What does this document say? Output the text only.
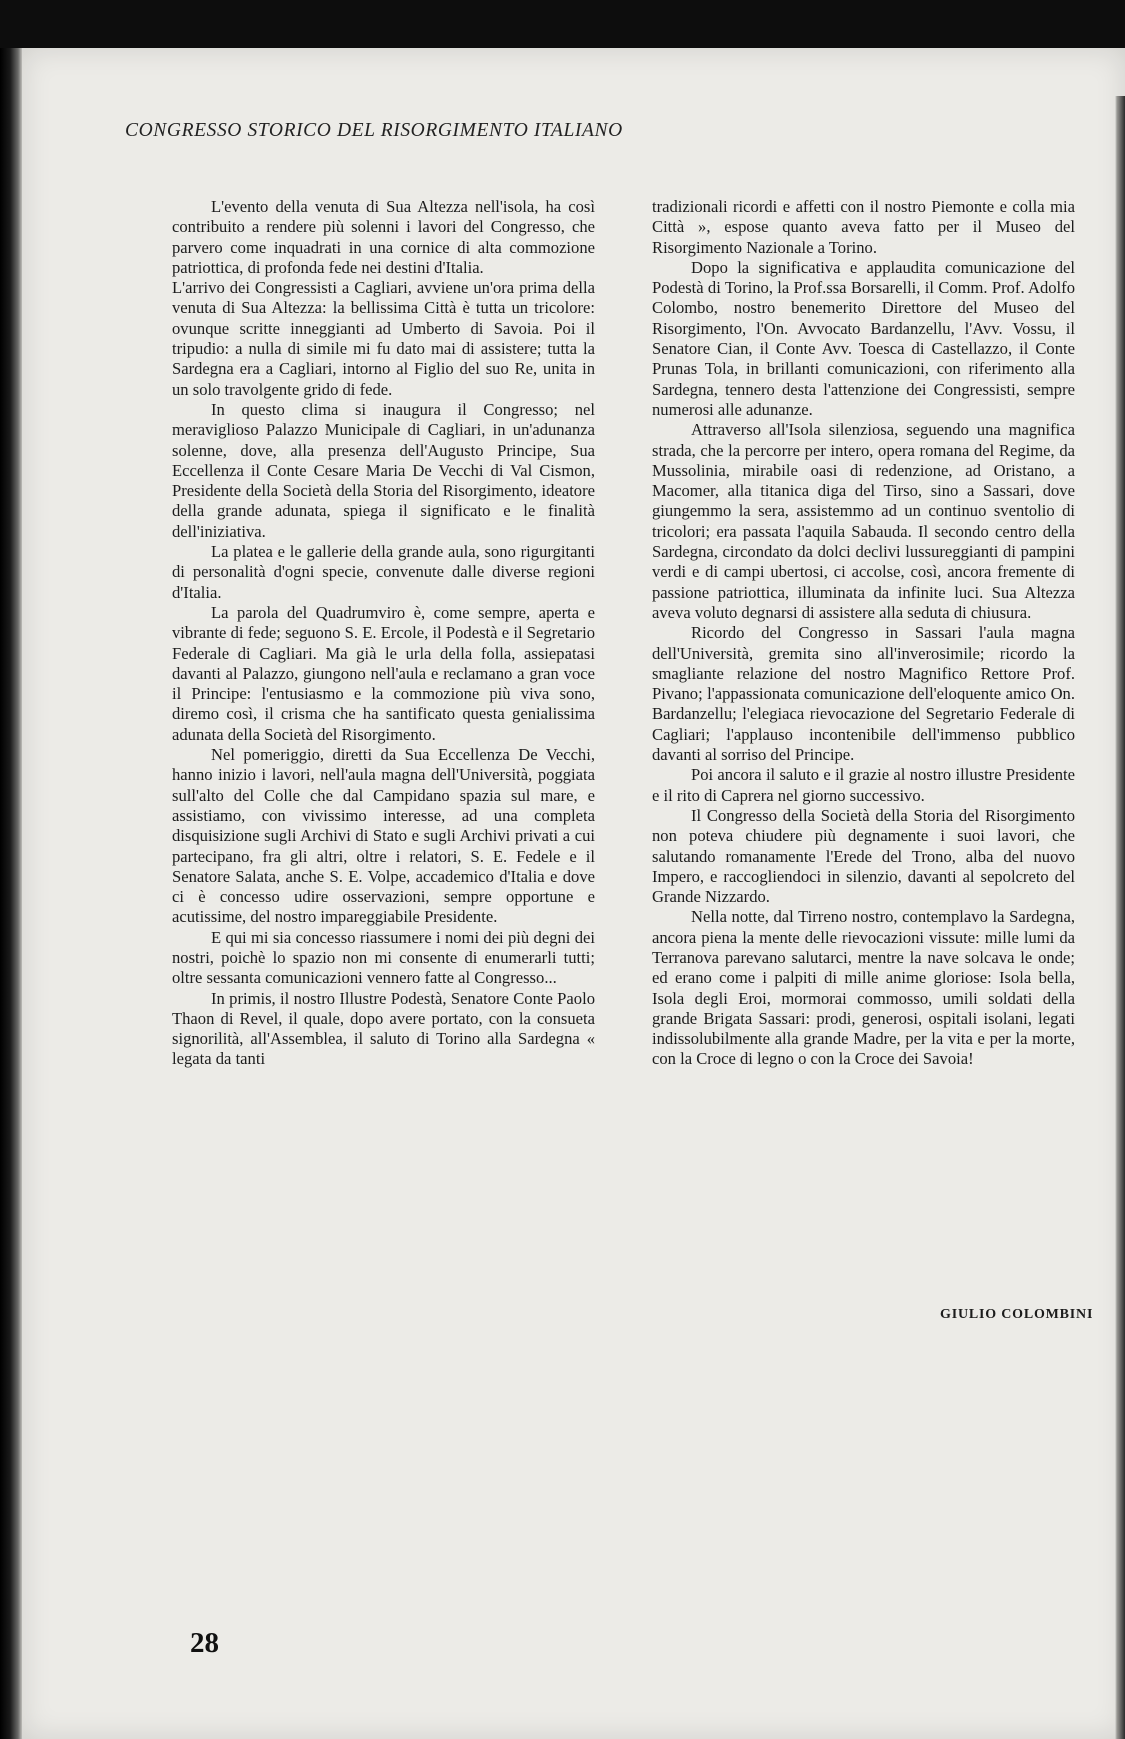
CONGRESSO STORICO DEL RISORGIMENTO ITALIANO

L'evento della venuta di Sua Altezza nell'isola, ha così contribuito a rendere più solenni i lavori del Congresso, che parvero come inquadrati in una cornice di alta commozione patriottica, di profonda fede nei destini d'Italia.

L'arrivo dei Congressisti a Cagliari, avviene un'ora prima della venuta di Sua Altezza: la bellissima Città è tutta un tricolore: ovunque scritte inneggianti ad Umberto di Savoia. Poi il tripudio: a nulla di simile mi fu dato mai di assistere; tutta la Sardegna era a Cagliari, intorno al Figlio del suo Re, unita in un solo travolgente grido di fede.

In questo clima si inaugura il Congresso; nel meraviglioso Palazzo Municipale di Cagliari, in un'adunanza solenne, dove, alla presenza dell'Augusto Principe, Sua Eccellenza il Conte Cesare Maria De Vecchi di Val Cismon, Presidente della Società della Storia del Risorgimento, ideatore della grande adunata, spiega il significato e le finalità dell'iniziativa.

La platea e le gallerie della grande aula, sono rigurgitanti di personalità d'ogni specie, convenute dalle diverse regioni d'Italia.

La parola del Quadrumviro è, come sempre, aperta e vibrante di fede; seguono S. E. Ercole, il Podestà e il Segretario Federale di Cagliari. Ma già le urla della folla, assiepatasi davanti al Palazzo, giungono nell'aula e reclamano a gran voce il Principe: l'entusiasmo e la commozione più viva sono, diremo così, il crisma che ha santificato questa genialissima adunata della Società del Risorgimento.

Nel pomeriggio, diretti da Sua Eccellenza De Vecchi, hanno inizio i lavori, nell'aula magna dell'Università, poggiata sull'alto del Colle che dal Campidano spazia sul mare, e assistiamo, con vivissimo interesse, ad una completa disquisizione sugli Archivi di Stato e sugli Archivi privati a cui partecipano, fra gli altri, oltre i relatori, S. E. Fedele e il Senatore Salata, anche S. E. Volpe, accademico d'Italia e dove ci è concesso udire osservazioni, sempre opportune e acutissime, del nostro impareggiabile Presidente.

E qui mi sia concesso riassumere i nomi dei più degni dei nostri, poichè lo spazio non mi consente di enumerarli tutti; oltre sessanta comunicazioni vennero fatte al Congresso...

In primis, il nostro Illustre Podestà, Senatore Conte Paolo Thaon di Revel, il quale, dopo avere portato, con la consueta signorilità, all'Assemblea, il saluto di Torino alla Sardegna « legata da tanti

tradizionali ricordi e affetti con il nostro Piemonte e colla mia Città », espose quanto aveva fatto per il Museo del Risorgimento Nazionale a Torino.

Dopo la significativa e applaudita comunicazione del Podestà di Torino, la Prof.ssa Borsarelli, il Comm. Prof. Adolfo Colombo, nostro benemerito Direttore del Museo del Risorgimento, l'On. Avvocato Bardanzellu, l'Avv. Vossu, il Senatore Cian, il Conte Avv. Toesca di Castellazzo, il Conte Prunas Tola, in brillanti comunicazioni, con riferimento alla Sardegna, tennero desta l'attenzione dei Congressisti, sempre numerosi alle adunanze.

Attraverso all'Isola silenziosa, seguendo una magnifica strada, che la percorre per intero, opera romana del Regime, da Mussolinia, mirabile oasi di redenzione, ad Oristano, a Macomer, alla titanica diga del Tirso, sino a Sassari, dove giungemmo la sera, assistemmo ad un continuo sventolio di tricolori; era passata l'aquila Sabauda. Il secondo centro della Sardegna, circondato da dolci declivi lussureggianti di pampini verdi e di campi ubertosi, ci accolse, così, ancora fremente di passione patriottica, illuminata da infinite luci. Sua Altezza aveva voluto degnarsi di assistere alla seduta di chiusura.

Ricordo del Congresso in Sassari l'aula magna dell'Università, gremita sino all'inverosimile; ricordo la smagliante relazione del nostro Magnifico Rettore Prof. Pivano; l'appassionata comunicazione dell'eloquente amico On. Bardanzellu; l'elegiaca rievocazione del Segretario Federale di Cagliari; l'applauso incontenibile dell'immenso pubblico davanti al sorriso del Principe.

Poi ancora il saluto e il grazie al nostro illustre Presidente e il rito di Caprera nel giorno successivo.

Il Congresso della Società della Storia del Risorgimento non poteva chiudere più degnamente i suoi lavori, che salutando romanamente l'Erede del Trono, alba del nuovo Impero, e raccogliendoci in silenzio, davanti al sepolcreto del Grande Nizzardo.

Nella notte, dal Tirreno nostro, contemplavo la Sardegna, ancora piena la mente delle rievocazioni vissute: mille lumi da Terranova parevano salutarci, mentre la nave solcava le onde; ed erano come i palpiti di mille anime gloriose: Isola bella, Isola degli Eroi, mormorai commosso, umili soldati della grande Brigata Sassari: prodi, generosi, ospitali isolani, legati indissolubilmente alla grande Madre, per la vita e per la morte, con la Croce di legno o con la Croce dei Savoia!

GIULIO COLOMBINI
28
